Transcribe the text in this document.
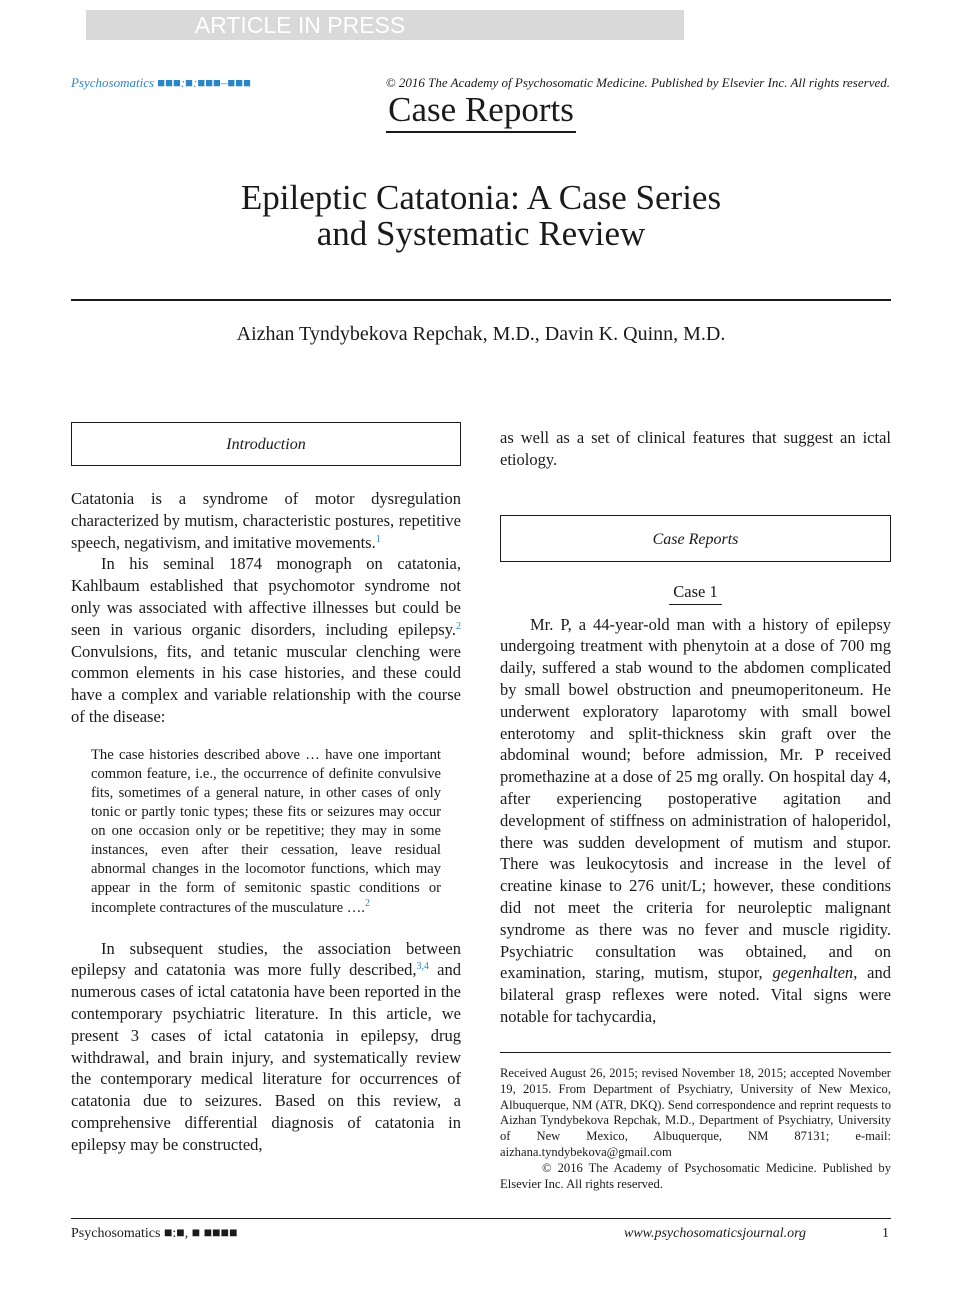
ARTICLE IN PRESS
Psychosomatics ■■■:■:■■■–■■■	© 2016 The Academy of Psychosomatic Medicine. Published by Elsevier Inc. All rights reserved.
Case Reports
Epileptic Catatonia: A Case Series
and Systematic Review
Aizhan Tyndybekova Repchak, M.D., Davin K. Quinn, M.D.
Introduction

Catatonia is a syndrome of motor dysregulation characterized by mutism, characteristic postures, repetitive speech, negativism, and imitative movements.$^1$

In his seminal 1874 monograph on catatonia, Kahlbaum established that psychomotor syndrome not only was associated with affective illnesses but could be seen in various organic disorders, including epilepsy.$^2$ Convulsions, fits, and tetanic muscular clenching were common elements in his case histories, and these could have a complex and variable relationship with the course of the disease:

The case histories described above … have one important common feature, i.e., the occurrence of definite convulsive fits, sometimes of a general nature, in other cases of only tonic or partly tonic types; these fits or seizures may occur on one occasion only or be repetitive; they may in some instances, even after their cessation, leave residual abnormal changes in the locomotor functions, which may appear in the form of semitonic spastic conditions or incomplete contractures of the musculature ….$^2$

In subsequent studies, the association between epilepsy and catatonia was more fully described,$^{3,4}$ and numerous cases of ictal catatonia have been reported in the contemporary psychiatric literature. In this article, we present 3 cases of ictal catatonia in epilepsy, drug withdrawal, and brain injury, and systematically review the contemporary medical literature for occurrences of catatonia due to seizures. Based on this review, a comprehensive differential diagnosis of catatonia in epilepsy may be constructed,

as well as a set of clinical features that suggest an ictal etiology.

Case Reports
Case 1

Mr. P, a 44-year-old man with a history of epilepsy undergoing treatment with phenytoin at a dose of 700 mg daily, suffered a stab wound to the abdomen complicated by small bowel obstruction and pneumoperitoneum. He underwent exploratory laparotomy with small bowel enterotomy and split-thickness skin graft over the abdominal wound; before admission, Mr. P received promethazine at a dose of 25 mg orally. On hospital day 4, after experiencing postoperative agitation and development of stiffness on administration of haloperidol, there was sudden development of mutism and stupor. There was leukocytosis and increase in the level of creatine kinase to 276 unit/L; however, these conditions did not meet the criteria for neuroleptic malignant syndrome as there was no fever and muscle rigidity. Psychiatric consultation was obtained, and on examination, staring, mutism, stupor, gegenhalten, and bilateral grasp reflexes were noted. Vital signs were notable for tachycardia,

Received August 26, 2015; revised November 18, 2015; accepted November 19, 2015. From Department of Psychiatry, University of New Mexico, Albuquerque, NM (ATR, DKQ). Send correspondence and reprint requests to Aizhan Tyndybekova Repchak, M.D., Department of Psychiatry, University of New Mexico, Albuquerque, NM 87131; e-mail: aizhana.tyndybekova@gmail.com

© 2016 The Academy of Psychosomatic Medicine. Published by Elsevier Inc. All rights reserved.

Psychosomatics ■:■, ■ ■■■■	www.psychosomaticsjournal.org	1
